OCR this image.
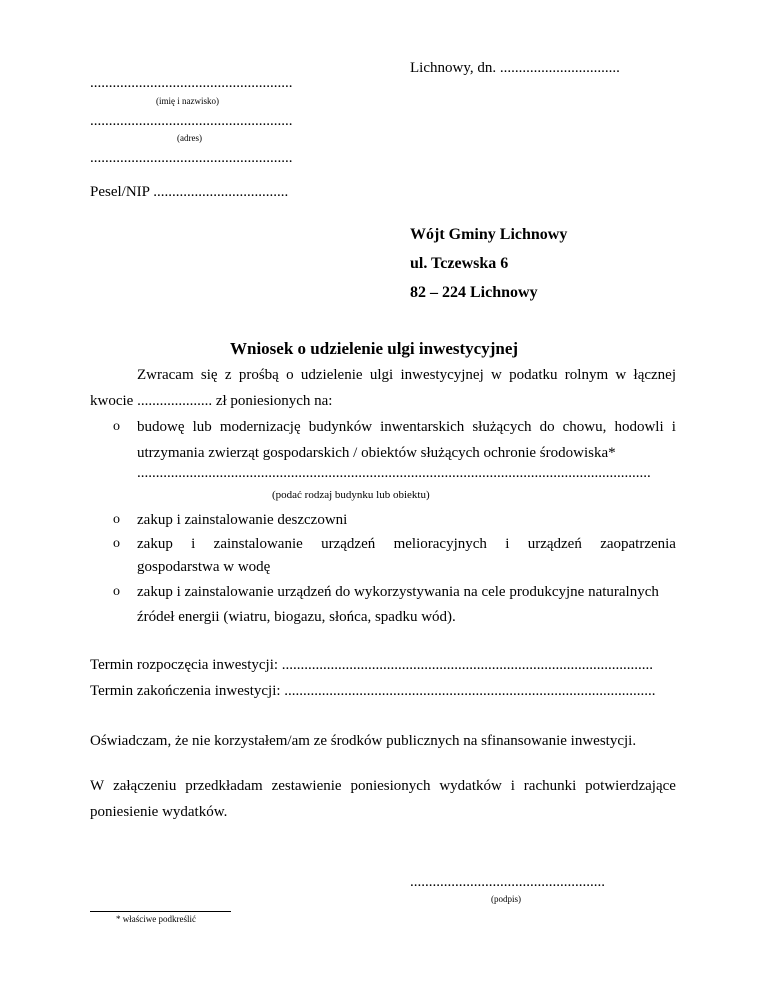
Lichnowy, dn. ................................
......................................................
(imię i nazwisko)
......................................................
(adres)
......................................................
Pesel/NIP ....................................
Wójt Gminy Lichnowy
ul. Tczewska 6
82 – 224 Lichnowy
Wniosek o udzielenie ulgi inwestycyjnej
Zwracam się z prośbą o udzielenie ulgi inwestycyjnej w podatku rolnym w łącznej
kwocie .................... zł poniesionych na:
o budowę lub modernizację budynków inwentarskich służących do chowu, hodowli i
utrzymania zwierząt gospodarskich / obiektów służących ochronie środowiska*
.........................................................................................................................................
(podać rodzaj budynku lub obiektu)
o zakup i zainstalowanie deszczowni
o zakup i zainstalowanie urządzeń melioracyjnych i urządzeń zaopatrzenia
gospodarstwa w wodę
o zakup i zainstalowanie urządzeń do wykorzystywania na cele produkcyjne naturalnych
źródeł energii (wiatru, biogazu, słońca, spadku wód).
Termin rozpoczęcia inwestycji: ...................................................................................................
Termin zakończenia inwestycji: ...................................................................................................
Oświadczam, że nie korzystałem/am ze środków publicznych na sfinansowanie inwestycji.
W załączeniu przedkładam zestawienie poniesionych wydatków i rachunki potwierdzające
poniesienie wydatków.
....................................................
(podpis)
* właściwe podkreślić
